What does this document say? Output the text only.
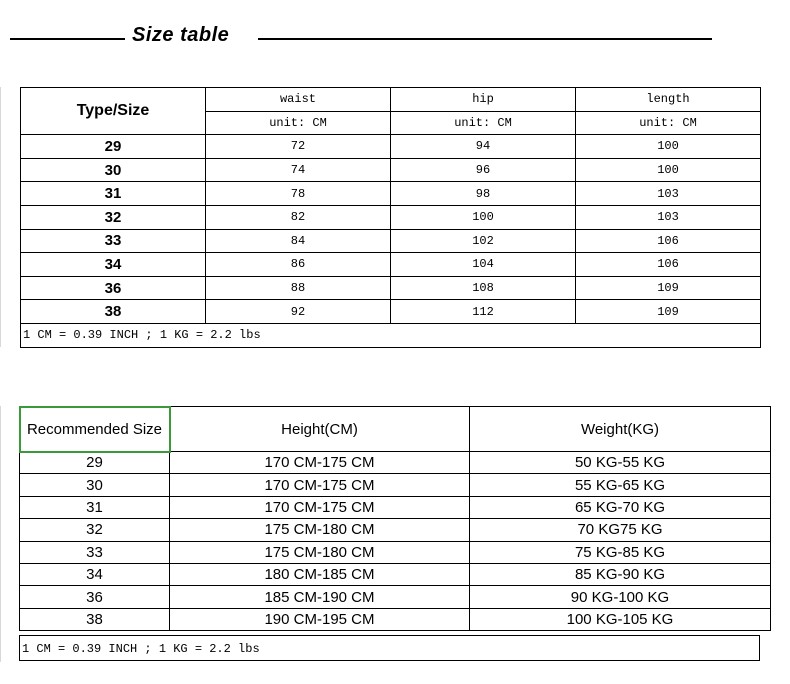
Size table
Type/Size	waist	hip	length
	unit: CM	unit: CM	unit: CM
29	72	94	100
30	74	96	100
31	78	98	103
32	82	100	103
33	84	102	106
34	86	104	106
36	88	108	109
38	92	112	109
1 CM = 0.39 INCH ; 1 KG = 2.2 lbs			
Recommended Size	Height(CM)	Weight(KG)
29	170 CM-175 CM	50 KG-55 KG
30	170 CM-175 CM	55 KG-65 KG
31	170 CM-175 CM	65 KG-70 KG
32	175 CM-180 CM	70 KG75 KG
33	175 CM-180 CM	75 KG-85 KG
34	180 CM-185 CM	85 KG-90 KG
36	185 CM-190 CM	90 KG-100 KG
38	190 CM-195 CM	100 KG-105 KG
1 CM = 0.39 INCH ; 1 KG = 2.2 lbs
